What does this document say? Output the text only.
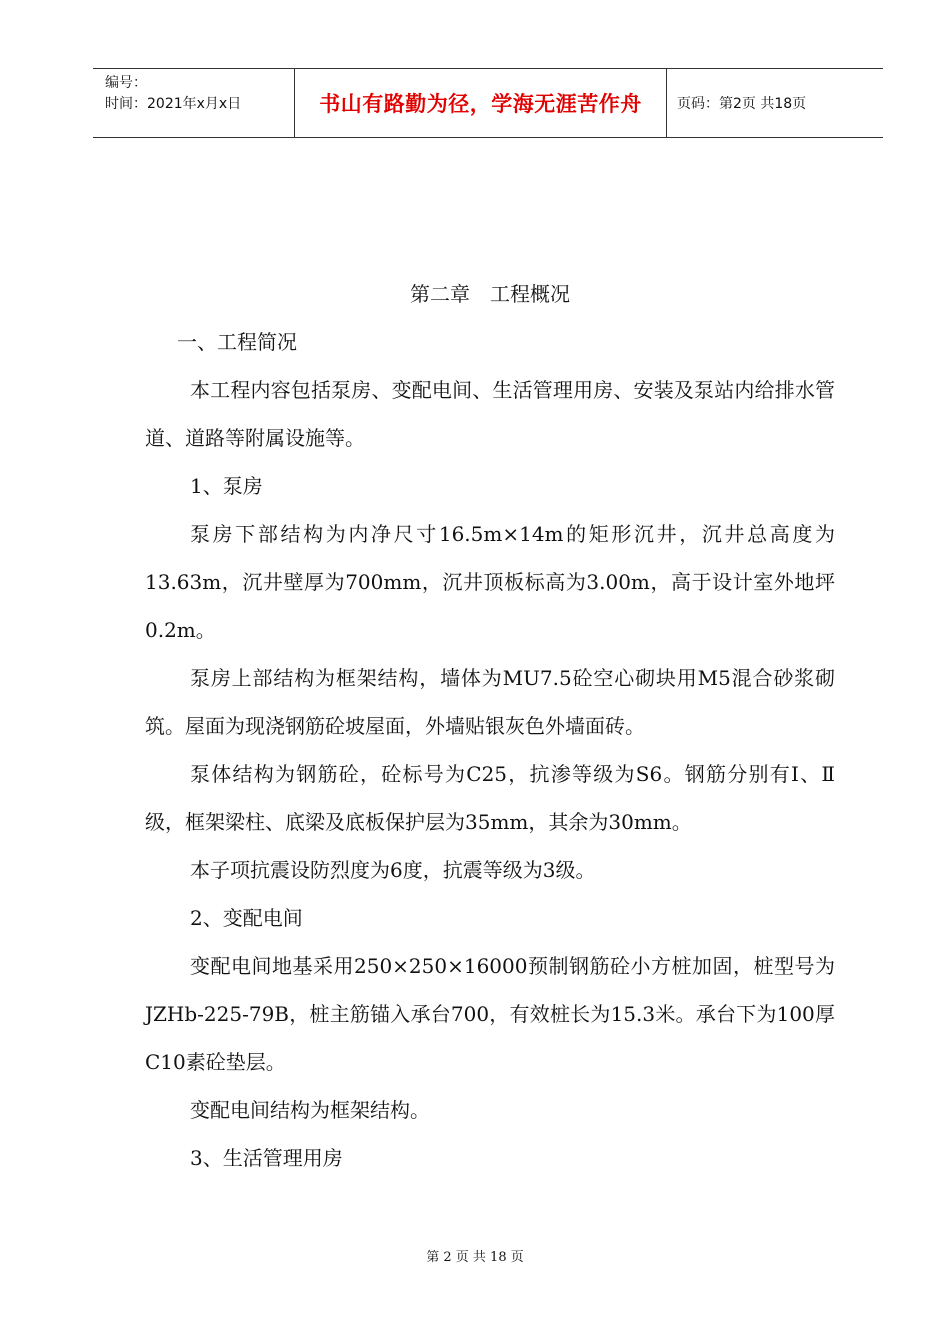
编号：
时间：2021年x月x日	书山有路勤为径，学海无涯苦作舟	页码：第2页 共18页
第二章　工程概况

一、工程简况

本工程内容包括泵房、变配电间、生活管理用房、安装及泵站内给排水管道、道路等附属设施等。

1、泵房

泵房下部结构为内净尺寸16.5m×14m的矩形沉井，沉井总高度为13.63m，沉井壁厚为700mm，沉井顶板标高为3.00m，高于设计室外地坪0.2m。

泵房上部结构为框架结构，墙体为MU7.5砼空心砌块用M5混合砂浆砌筑。屋面为现浇钢筋砼坡屋面，外墙贴银灰色外墙面砖。

泵体结构为钢筋砼，砼标号为C25，抗渗等级为S6。钢筋分别有Ⅰ、Ⅱ级，框架梁柱、底梁及底板保护层为35mm，其余为30mm。

本子项抗震设防烈度为6度，抗震等级为3级。

2、变配电间

变配电间地基采用250×250×16000预制钢筋砼小方桩加固，桩型号为JZHb-225-79B，桩主筋锚入承台700，有效桩长为15.3米。承台下为100厚C10素砼垫层。

变配电间结构为框架结构。

3、生活管理用房

第 2 页 共 18 页
